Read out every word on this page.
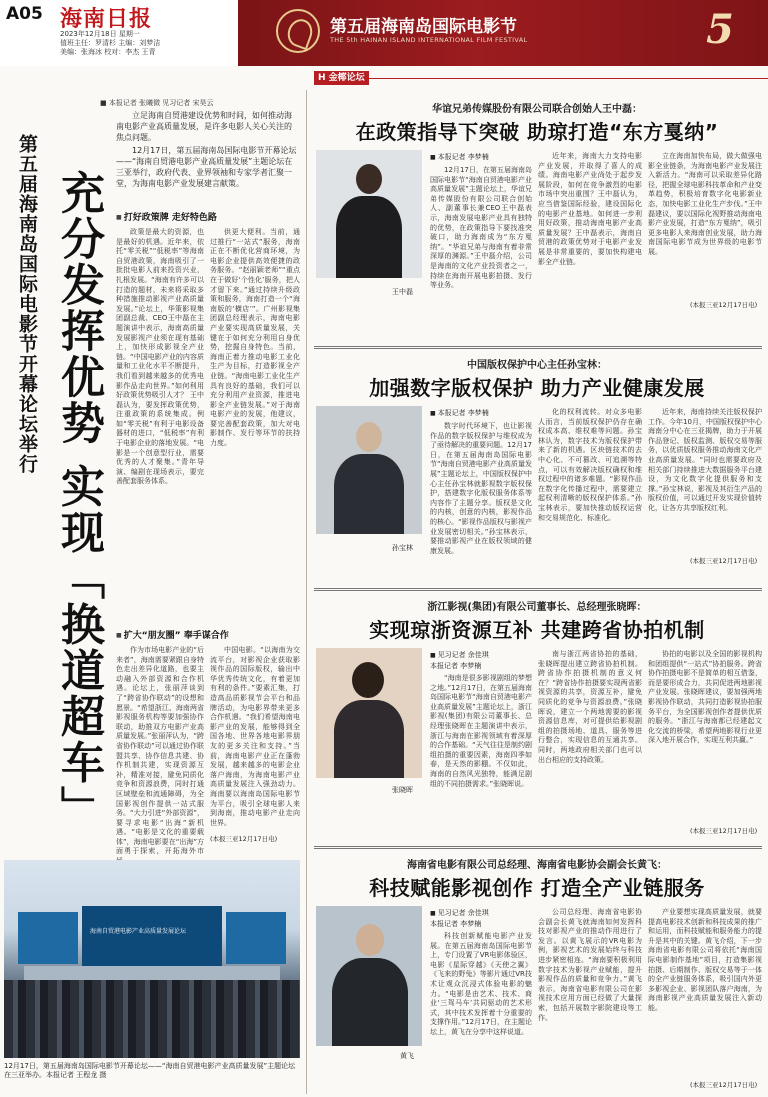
A05 海南日报
2023年12月18日 星期一
值班主任：罗清杉 主编：刘梦洁
美编：张海冰 校对：李杰 王青
第五届海南岛国际电影节
THE 5th HAINAN ISLAND INTERNATIONAL FILM FESTIVAL	5
H 金椰论坛
■ 本报记者 张曦微 见习记者 宋昊云

立足海南自贸港建设优势和时间，如何推动海南电影产业高质量发展，是许多电影人关心关注的焦点问题。

12月17日，第五届海南岛国际电影节开幕论坛——“海南自贸港电影产业高质量发展”主题论坛在三亚举行，政府代表、业界领袖和专家学者汇聚一堂，为海南电影产业发展建言献策。

第五届海南岛国际电影节开幕论坛举行 充分发挥优势 实现「换道超车」
■	打好政策牌 走好特色路

政策是最大的资源，也是最好的机遇。近年来，依托“零关税”“低税率”等海南自贸港政策，海南吸引了一批批电影人前来投资兴业，扎根发展。“海南有许多可以打造的题材，未来将采取多种措施推动影视产业高质量发展。”论坛上，华策影视集团副总裁、CEO王中磊在主题演讲中表示，海南高质量发展影视产业须在现有基础上，加快形成影视全产业链。“中国电影产业的内容质量和工业化水平不断提升，我们看到越来越多的优秀电影作品走向世界。”如何利用好政策优势吸引人才？ 王中磊认为，要发挥政策优势，注重政策的系统集成。例如“零关税”有利于电影设备器材的进口，“低税率”有利于电影企业的落地发展。“电影是一个创意型行业，需要优秀的人才聚集。”青年导演、编剧在现场表示，要完善配套服务体系。

供更大便利。当前，通过推行“一站式”服务，海南正在不断优化营商环境，为电影企业提供高效便捷的政务服务。“赵丽颖老师”“重点在于做好‘个性化’服务，把人才留下来。”通过持续升级政策和服务，海南打造一个“海南版的‘横店’”。广州影视集团副总经理表示，海南电影产业要实现高质量发展，关键在于如何充分利用自身优势，挖掘自身特色。当前，海南正着力推动电影工业化生产为目标，打造影视全产业链。“海南电影工业化生产具有良好的基础，我们可以充分利用产业资源，推进电影全产业链发展。”对于海南电影产业的发展，他建议，要完善配套政策，加大对电影制作、发行等环节的扶持力度。

■ 扩大“朋友圈” 奉手谋合作

作为市场电影产业的“后来者”，海南需要紧跟自身特色走出差异化道路，也要主动融入外部资源和合作机遇。论坛上，张丽萍谈到了“跨省协作联动”的设想和愿景。“希望浙江、海南两省影视服务机构等要加强协作联动，助推双方电影产业高质量发展。”张丽萍认为，“跨省协作联动”可以通过协作联盟共享、协作信息共建、协作机制共建，实现资源互补，精准对接，避免同质化竞争和资源浪费，同时打通区域壁垒和流通障碍，为全国影视创作提供一站式服务。“大力引进“外部资源”，要寻求电影“出海”新机遇。“电影是文化的重要载体”，海南电影要在“出海”方面勇于探索，开拓海外市

中国电影。“以海南为交流平台，对影视企业获取影视作品的国际版权，输出中华优秀传统文化，有着更加有利的条件。”要素汇集，打造高品质影视节会平台和品牌活动，为电影界带来更多合作机遇。“我们希望海南电影产业的发展，能够得到全国各地、世界各地电影界朋友的更多关注和支持。”当前，海南电影产业正在蓬勃发展，越来越多的电影企业落户海南，为海南电影产业高质量发展注入强劲动力。海南要以海南岛国际电影节为平台，吸引全球电影人来到海南，推动电影产业走向世界。

(本报三亚12月17日电)
海南自贸港电影产业高质量发展论坛
12月17日，第五届海南岛国际电影节开幕论坛——“海南自贸港电影产业高质量发展”主题论坛在三亚举办。本报记者 王程龙 摄
华谊兄弟传媒股份有限公司联合创始人王中磊：
在政策指导下突破 助琼打造“东方戛纳”
王中磊
■ 本报记者 李梦楠

12月17日，在第五届海南岛国际电影节“海南自贸港电影产业高质量发展”主题论坛上，华谊兄弟传媒股份有限公司联合创始人、副董事长兼CEO王中磊表示，海南发展电影产业具有独特的优势，在政策指导下要找准突破口，助力海南成为“东方戛纳”。“华谊兄弟与海南有着非常深厚的渊源。”王中磊介绍，公司是海南的文化产业投资者之一，持续在海南开展电影拍摄、发行等业务。

近年来，海南大力支持电影产业发展，并取得了喜人的成绩。海南电影产业尚处于起步发展阶段，如何在竞争激烈的电影市场中突出重围？王中磊认为，应当借鉴国际经验，建设国际化的电影产业基地。如何进一步利用好政策，推动海南电影产业高质量发展？王中磊表示，海南自贸港的政策优势对于电影产业发展是非常重要的，要加快构建电影全产业链。

立在海南加快布局，做大做强电影全业链条，为海南电影产业发展注入新活力。“海南可以采取差异化路径，把握全球电影科技革命和产业变革趋势，积极培育数字化电影新业态，加快电影工业化生产步伐。”王中磊建议，要以国际化视野推动海南电影产业发展，打造“东方戛纳”，吸引更多电影人来海南创业发展，助力海南国际电影节成为世界级的电影节展。

(本报三亚12月17日电)
中国版权保护中心主任孙宝林：
加强数字版权保护 助力产业健康发展
孙宝林
■ 本报记者 李梦楠

数字时代环境下，也让影视作品的数字版权保护与维权成为了亟待解决的重要问题。12月17日，在第五届海南岛国际电影节“海南自贸港电影产业高质量发展”主题论坛上，中国版权保护中心主任孙宝林就影视数字版权保护，搭建数字化版权服务体系等内容作了主题分享。版权是文化的内核，创意的内核，影视作品的核心。“影视作品版权与影视产业发展密切相关。”孙宝林表示，要推动影视产业在版权领域的健康发展。

化的权利流转。对众多电影人而言，当前版权保护仍存在确权成本高、维权难等问题。孙宝林认为，数字技术为版权保护带来了新的机遇。区块链技术的去中心化、不可篡改、可追溯等特点，可以有效解决版权确权和维权过程中的诸多难题。“影视作品在数字化传播过程中，需要建立起权利清晰的版权保护体系。”孙宝林表示，要加快推动版权运营和交易规范化、标准化。

近年来，海南持续关注版权保护工作。今年10月，中国版权保护中心海南分中心在三亚揭牌，助力于开展作品登记、版权监测、版权交易等服务，以优质版权服务推动海南文化产业高质量发展。“同时也需要政府及相关部门持续推进大数据服务平台建设，为文化数字化提供服务和支撑。”孙宝林说，影视及其衍生产品的版权价值，可以通过开发实现价值转化，让各方共享版权红利。

(本报三亚12月17日电)
浙江影视(集团)有限公司董事长、总经理张晓晖：
实现琼浙资源互补 共建跨省协拍机制
张晓晖
■ 见习记者 余佳琪
本报记者 李梦楠

“海南是很多影视剧组的梦想之地。”12月17日，在第五届海南岛国际电影节“海南自贸港电影产业高质量发展”主题论坛上，浙江影视(集团)有限公司董事长、总经理张晓晖在主题演讲中表示，浙江与海南在影视领域有着深厚的合作基础。“天气往往是制约剧组拍摄的重要因素，海南四季如春，是天然的影棚。不仅如此，海南的自然风光独特，能满足剧组的不同拍摄需求。”张晓晖说。

南与浙江两省协拍的基础，张晓晖提出建立跨省协拍机制。跨省协作拍摄机制的意义何在？“跨省协作拍摄要实现两省影视资源的共享，资源互补，避免同质化的竞争与资源浪费。”张晓晖说，建立一个两地需要的影视资源信息库，对可提供给影视剧组的拍摄场地、道具、服务等进行整合，实现信息的互通共享。同时，两地政府相关部门也可以出台相应的支持政策。

协拍的电影以及全国的影视机构和团组提供“一站式”协拍服务。跨省协作拍摄电影不是简单的相互借鉴，而是要形成合力，共同促进两地影视产业发展。张晓晖建议，要加强两地影视协作联动，共同打造影视协拍服务平台，为全国影视创作者提供优质的服务。“浙江与海南都已经建起文化交流的桥梁，希望两地影视行业更深入地开展合作，实现互利共赢。”

(本报三亚12月17日电)
海南省电影有限公司总经理、海南省电影协会副会长黄飞：
科技赋能影视创作 打造全产业链服务
黄飞
■ 见习记者 余佳琪
本报记者 李梦楠

科技创新赋能电影产业发展。在第五届海南岛国际电影节上，专门设置了VR电影体验区，电影《星际穿越》《天使之翼》《飞来的野兔》等影片通过VR技术让观众沉浸式体验电影的魅力。“电影是由艺术、技术、商业‘三驾马车’共同驱动的艺术形式，其中技术发挥着十分重要的支撑作用。”12月17日，在主题论坛上，黄飞在分享中这样说道。

公司总经理、海南省电影协会副会长黄飞就海南如何发挥科技对影视产业的推动作用进行了发言。以黄飞展示的VR电影为例，影视艺术的发展始终与科技进步紧密相连。“海南要积极利用数字技术为影视产业赋能，提升影视作品的质量和竞争力。”黄飞表示，海南省电影有限公司在影视技术应用方面已经做了大量探索，包括开展数字影院建设等工作。

产业要想实现高质量发展，就要提高电影技术创新和科技成果的推广和运用，而科技赋能和服务能力的提升是其中的关键。黄飞介绍，下一步海南省电影有限公司将依托“海南国际电影制作基地”项目，打造集影视拍摄、后期制作、版权交易等于一体的全产业链服务体系，吸引国内外更多影视企业、影视团队落户海南，为海南影视产业高质量发展注入新动能。

(本报三亚12月17日电)
